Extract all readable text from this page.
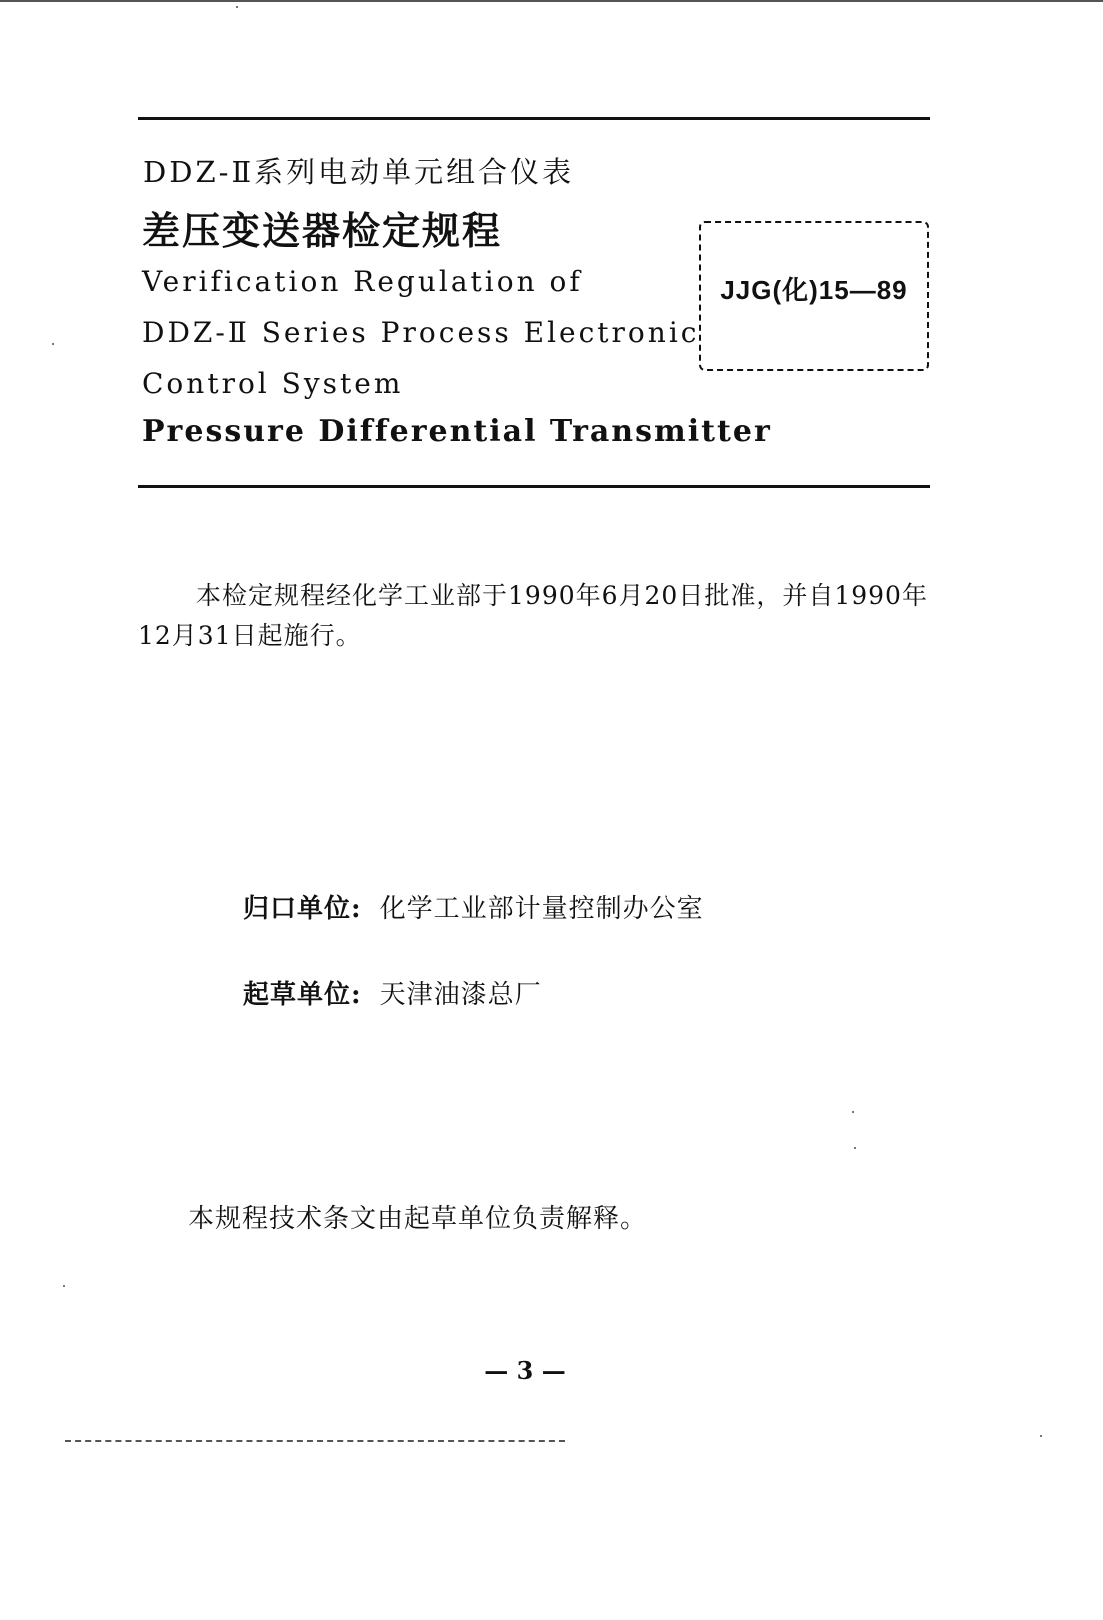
DDZ-Ⅱ系列电动单元组合仪表
差压变送器检定规程
Verification Regulation of
DDZ-Ⅱ Series Process Electronic
Control System
Pressure Differential Transmitter
JJG(化)15—89
本检定规程经化学工业部于1990年6月20日批准，并自1990年12月31日起施行。
归口单位: 化学工业部计量控制办公室
起草单位: 天津油漆总厂
本规程技术条文由起草单位负责解释。
— 3 —
